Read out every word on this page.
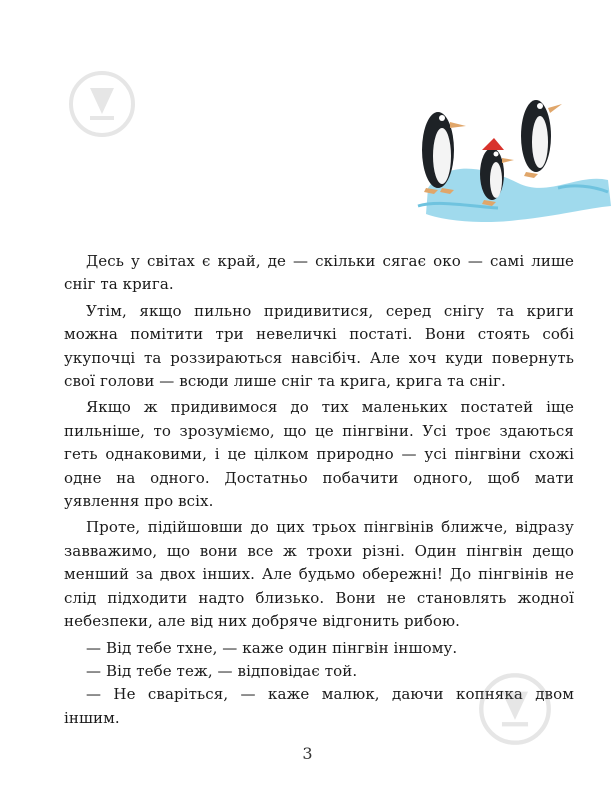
Десь у світах є край, де — скільки сягає око — самі лише сніг та крига.

Утім, якщо пильно придивитися, серед снігу та криги можна помітити три невеличкі постаті. Вони стоять собі укупочці та роззираються навсібіч. Але хоч куди повернуть свої голови — всюди лише сніг та крига, крига та сніг.

Якщо ж придивимося до тих маленьких постатей іще пильніше, то зрозуміємо, що це пінгвіни. Усі троє здаються геть однаковими, і це цілком природно — усі пінгвіни схожі одне на одного. Достатньо побачити одного, щоб мати уявлення про всіх.

Проте, підійшовши до цих трьох пінгвінів ближче, відразу завважимо, що вони все ж трохи різні. Один пінгвін дещо менший за двох інших. Але будьмо обережні! До пінгвінів не слід підходити надто близько. Вони не становлять жодної небезпеки, але від них добряче відгонить рибою.

— Від тебе тхне, — каже один пінгвін іншому.

— Від тебе теж, — відповідає той.

— Не сваріться, — каже малюк, даючи копняка двом іншим.

3
